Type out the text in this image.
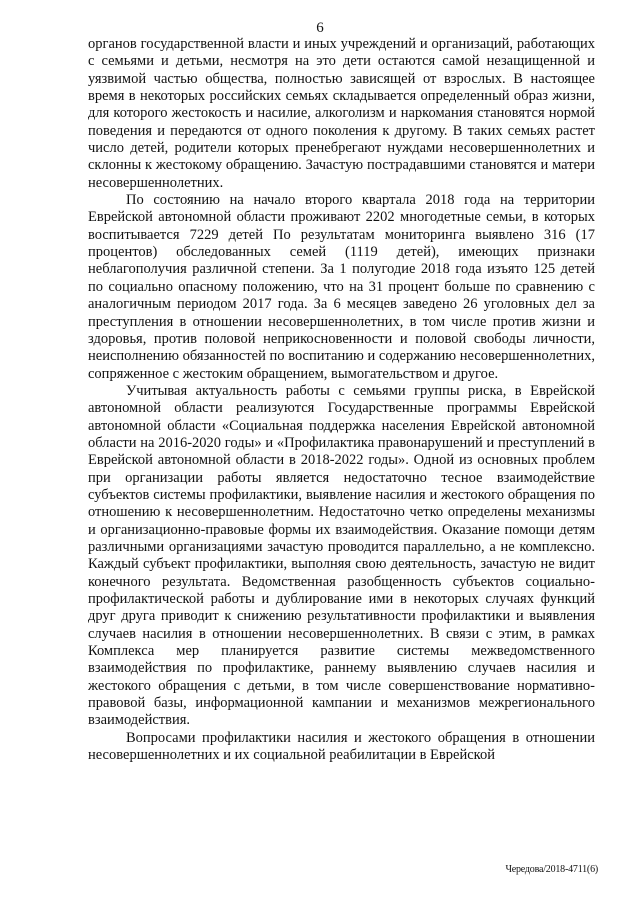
6

органов государственной власти и иных учреждений и организаций, работающих с семьями и детьми, несмотря на это дети остаются самой незащищенной и уязвимой частью общества, полностью зависящей от взрослых. В настоящее время в некоторых российских семьях складывается определенный образ жизни, для которого жестокость и насилие, алкоголизм и наркомания становятся нормой поведения и передаются от одного поколения к другому. В таких семьях растет число детей, родители которых пренебрегают нуждами несовершеннолетних и склонны к жестокому обращению. Зачастую пострадавшими становятся и матери несовершеннолетних.

По состоянию на начало второго квартала 2018 года на территории Еврейской автономной области проживают 2202 многодетные семьи, в которых воспитывается 7229 детей По результатам мониторинга выявлено 316 (17 процентов) обследованных семей (1119 детей), имеющих признаки неблагополучия различной степени. За 1 полугодие 2018 года изъято 125 детей по социально опасному положению, что на 31 процент больше по сравнению с аналогичным периодом 2017 года. За 6 месяцев заведено 26 уголовных дел за преступления в отношении несовершеннолетних, в том числе против жизни и здоровья, против половой неприкосновенности и половой свободы личности, неисполнению обязанностей по воспитанию и содержанию несовершеннолетних, сопряженное с жестоким обращением, вымогательством и другое.

Учитывая актуальность работы с семьями группы риска, в Еврейской автономной области реализуются Государственные программы Еврейской автономной области «Социальная поддержка населения Еврейской автономной области на 2016-2020 годы» и «Профилактика правонарушений и преступлений в Еврейской автономной области в 2018-2022 годы». Одной из основных проблем при организации работы является недостаточно тесное взаимодействие субъектов системы профилактики, выявление насилия и жестокого обращения по отношению к несовершеннолетним. Недостаточно четко определены механизмы и организационно-правовые формы их взаимодействия. Оказание помощи детям различными организациями зачастую проводится параллельно, а не комплексно. Каждый субъект профилактики, выполняя свою деятельность, зачастую не видит конечного результата. Ведомственная разобщенность субъектов социально-профилактической работы и дублирование ими в некоторых случаях функций друг друга приводит к снижению результативности профилактики и выявления случаев насилия в отношении несовершеннолетних. В связи с этим, в рамках Комплекса мер планируется развитие системы межведомственного взаимодействия по профилактике, раннему выявлению случаев насилия и жестокого обращения с детьми, в том числе совершенствование нормативно-правовой базы, информационной кампании и механизмов межрегионального взаимодействия.

Вопросами профилактики насилия и жестокого обращения в отношении несовершеннолетних и их социальной реабилитации в Еврейской

Чередова/2018-4711(6)
